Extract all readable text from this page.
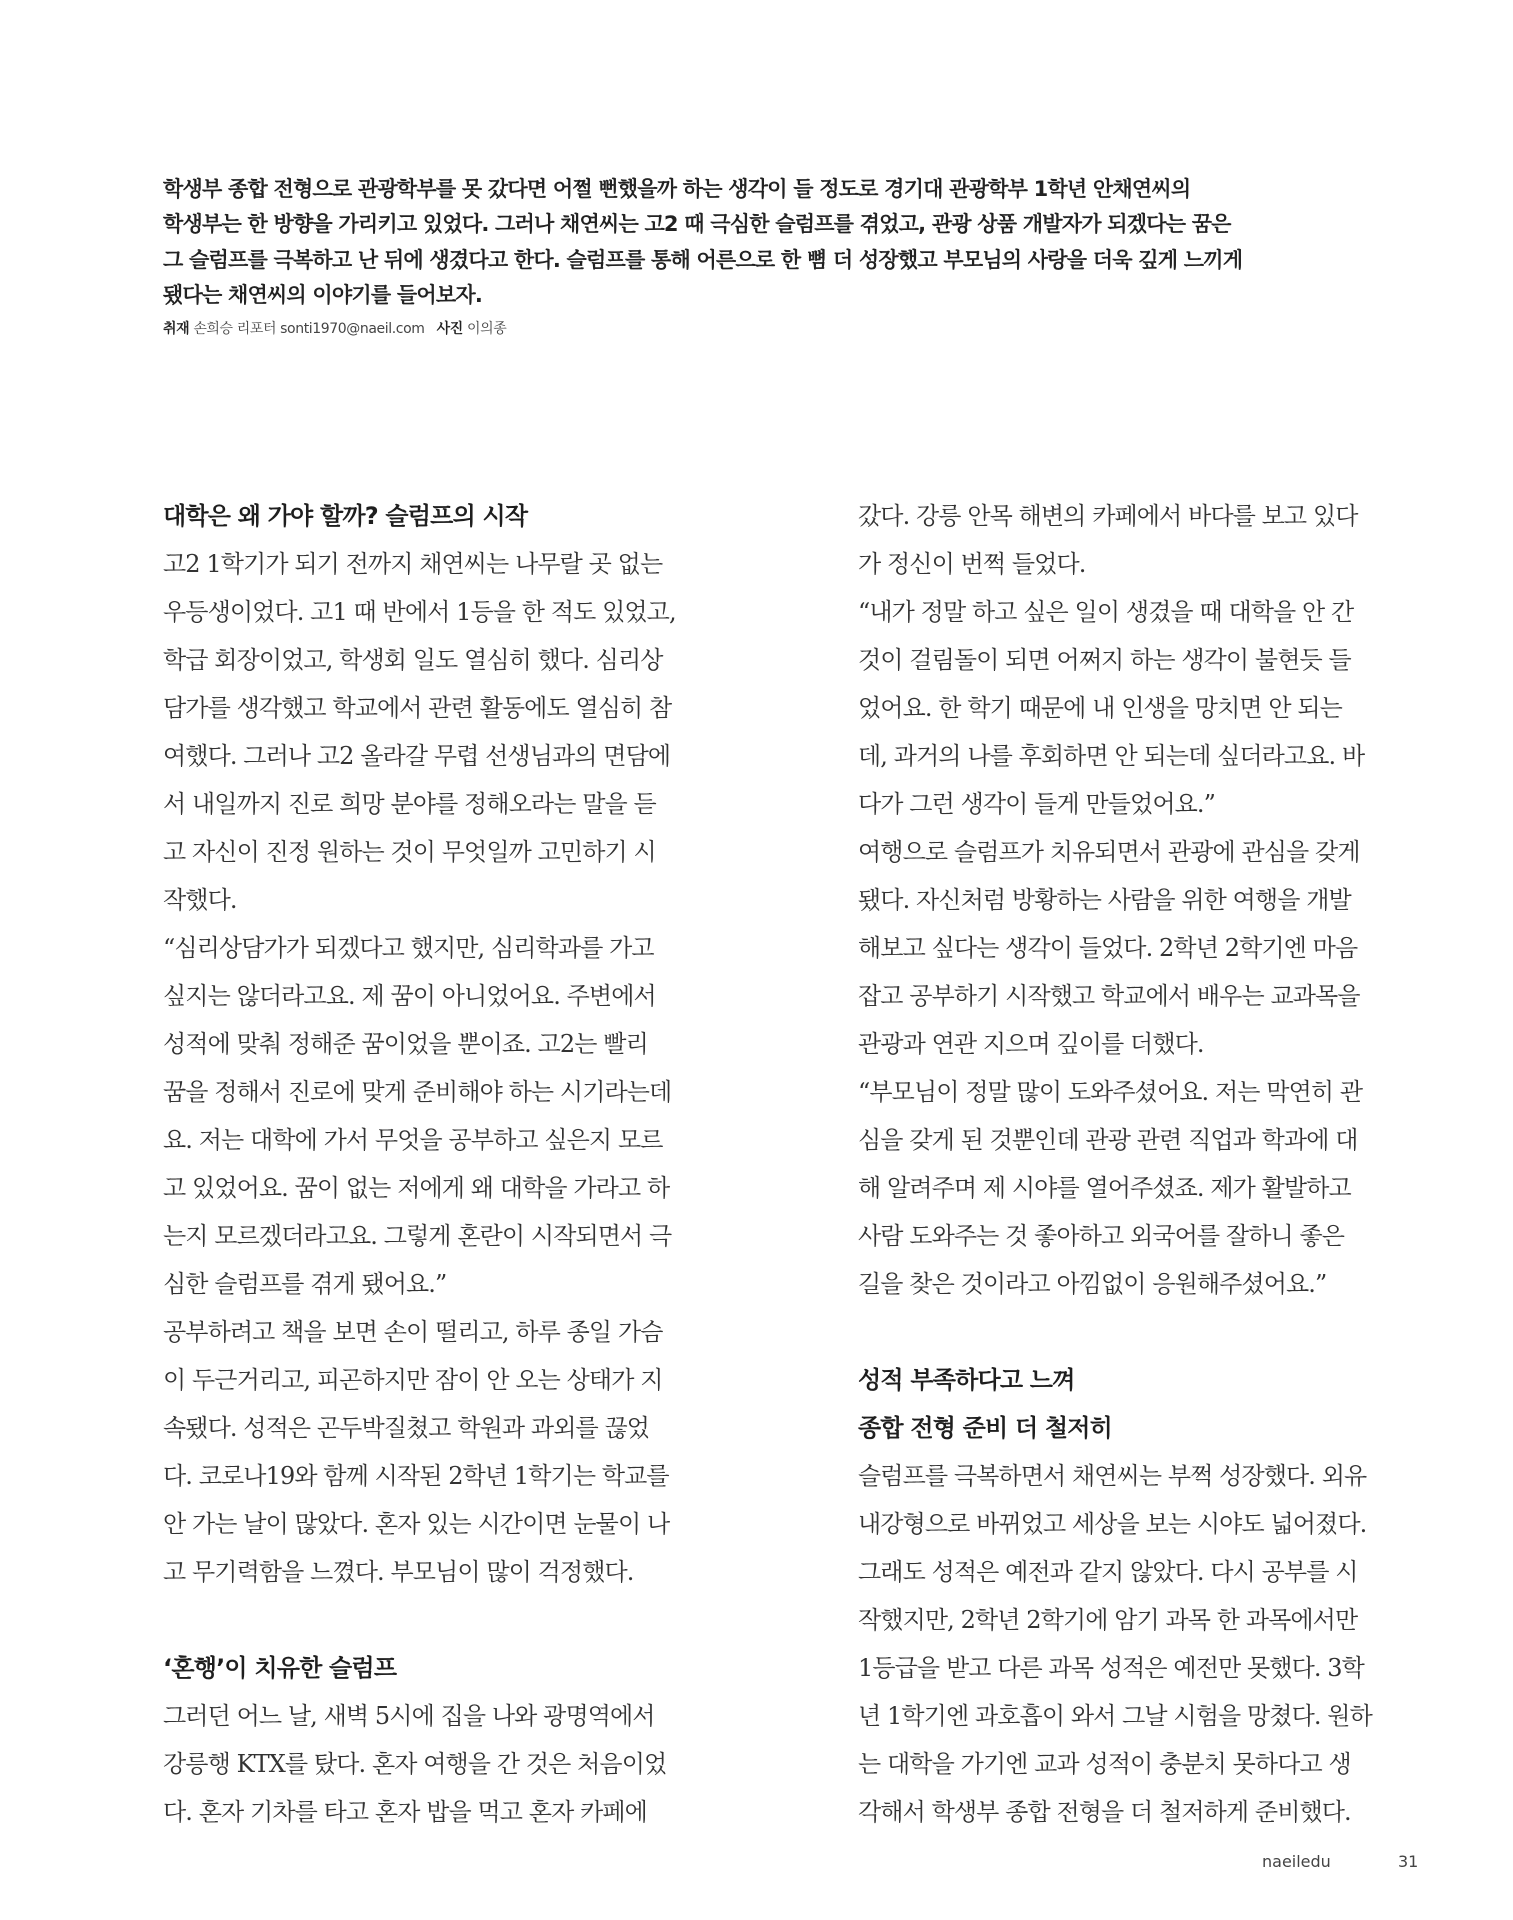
학생부 종합 전형으로 관광학부를 못 갔다면 어쩔 뻔했을까 하는 생각이 들 정도로 경기대 관광학부 1학년 안채연씨의
학생부는 한 방향을 가리키고 있었다. 그러나 채연씨는 고2 때 극심한 슬럼프를 겪었고, 관광 상품 개발자가 되겠다는 꿈은
그 슬럼프를 극복하고 난 뒤에 생겼다고 한다. 슬럼프를 통해 어른으로 한 뼘 더 성장했고 부모님의 사랑을 더욱 깊게 느끼게
됐다는 채연씨의 이야기를 들어보자.
취재 손희승 리포터 sonti1970@naeil.com 사진 이의종
대학은 왜 가야 할까? 슬럼프의 시작
고2 1학기가 되기 전까지 채연씨는 나무랄 곳 없는
우등생이었다. 고1 때 반에서 1등을 한 적도 있었고,
학급 회장이었고, 학생회 일도 열심히 했다. 심리상
담가를 생각했고 학교에서 관련 활동에도 열심히 참
여했다. 그러나 고2 올라갈 무렵 선생님과의 면담에
서 내일까지 진로 희망 분야를 정해오라는 말을 듣
고 자신이 진정 원하는 것이 무엇일까 고민하기 시
작했다.
“심리상담가가 되겠다고 했지만, 심리학과를 가고
싶지는 않더라고요. 제 꿈이 아니었어요. 주변에서
성적에 맞춰 정해준 꿈이었을 뿐이죠. 고2는 빨리
꿈을 정해서 진로에 맞게 준비해야 하는 시기라는데
요. 저는 대학에 가서 무엇을 공부하고 싶은지 모르
고 있었어요. 꿈이 없는 저에게 왜 대학을 가라고 하
는지 모르겠더라고요. 그렇게 혼란이 시작되면서 극
심한 슬럼프를 겪게 됐어요.”
공부하려고 책을 보면 손이 떨리고, 하루 종일 가슴
이 두근거리고, 피곤하지만 잠이 안 오는 상태가 지
속됐다. 성적은 곤두박질쳤고 학원과 과외를 끊었
다. 코로나19와 함께 시작된 2학년 1학기는 학교를
안 가는 날이 많았다. 혼자 있는 시간이면 눈물이 나
고 무기력함을 느꼈다. 부모님이 많이 걱정했다.
‘혼행’이 치유한 슬럼프
그러던 어느 날, 새벽 5시에 집을 나와 광명역에서
강릉행 KTX를 탔다. 혼자 여행을 간 것은 처음이었
다. 혼자 기차를 타고 혼자 밥을 먹고 혼자 카페에
갔다. 강릉 안목 해변의 카페에서 바다를 보고 있다
가 정신이 번쩍 들었다.
“내가 정말 하고 싶은 일이 생겼을 때 대학을 안 간
것이 걸림돌이 되면 어쩌지 하는 생각이 불현듯 들
었어요. 한 학기 때문에 내 인생을 망치면 안 되는
데, 과거의 나를 후회하면 안 되는데 싶더라고요. 바
다가 그런 생각이 들게 만들었어요.”
여행으로 슬럼프가 치유되면서 관광에 관심을 갖게
됐다. 자신처럼 방황하는 사람을 위한 여행을 개발
해보고 싶다는 생각이 들었다. 2학년 2학기엔 마음
잡고 공부하기 시작했고 학교에서 배우는 교과목을
관광과 연관 지으며 깊이를 더했다.
“부모님이 정말 많이 도와주셨어요. 저는 막연히 관
심을 갖게 된 것뿐인데 관광 관련 직업과 학과에 대
해 알려주며 제 시야를 열어주셨죠. 제가 활발하고
사람 도와주는 것 좋아하고 외국어를 잘하니 좋은
길을 찾은 것이라고 아낌없이 응원해주셨어요.”
성적 부족하다고 느껴
종합 전형 준비 더 철저히
슬럼프를 극복하면서 채연씨는 부쩍 성장했다. 외유
내강형으로 바뀌었고 세상을 보는 시야도 넓어졌다.
그래도 성적은 예전과 같지 않았다. 다시 공부를 시
작했지만, 2학년 2학기에 암기 과목 한 과목에서만
1등급을 받고 다른 과목 성적은 예전만 못했다. 3학
년 1학기엔 과호흡이 와서 그날 시험을 망쳤다. 원하
는 대학을 가기엔 교과 성적이 충분치 못하다고 생
각해서 학생부 종합 전형을 더 철저하게 준비했다.
naeiledu	31
